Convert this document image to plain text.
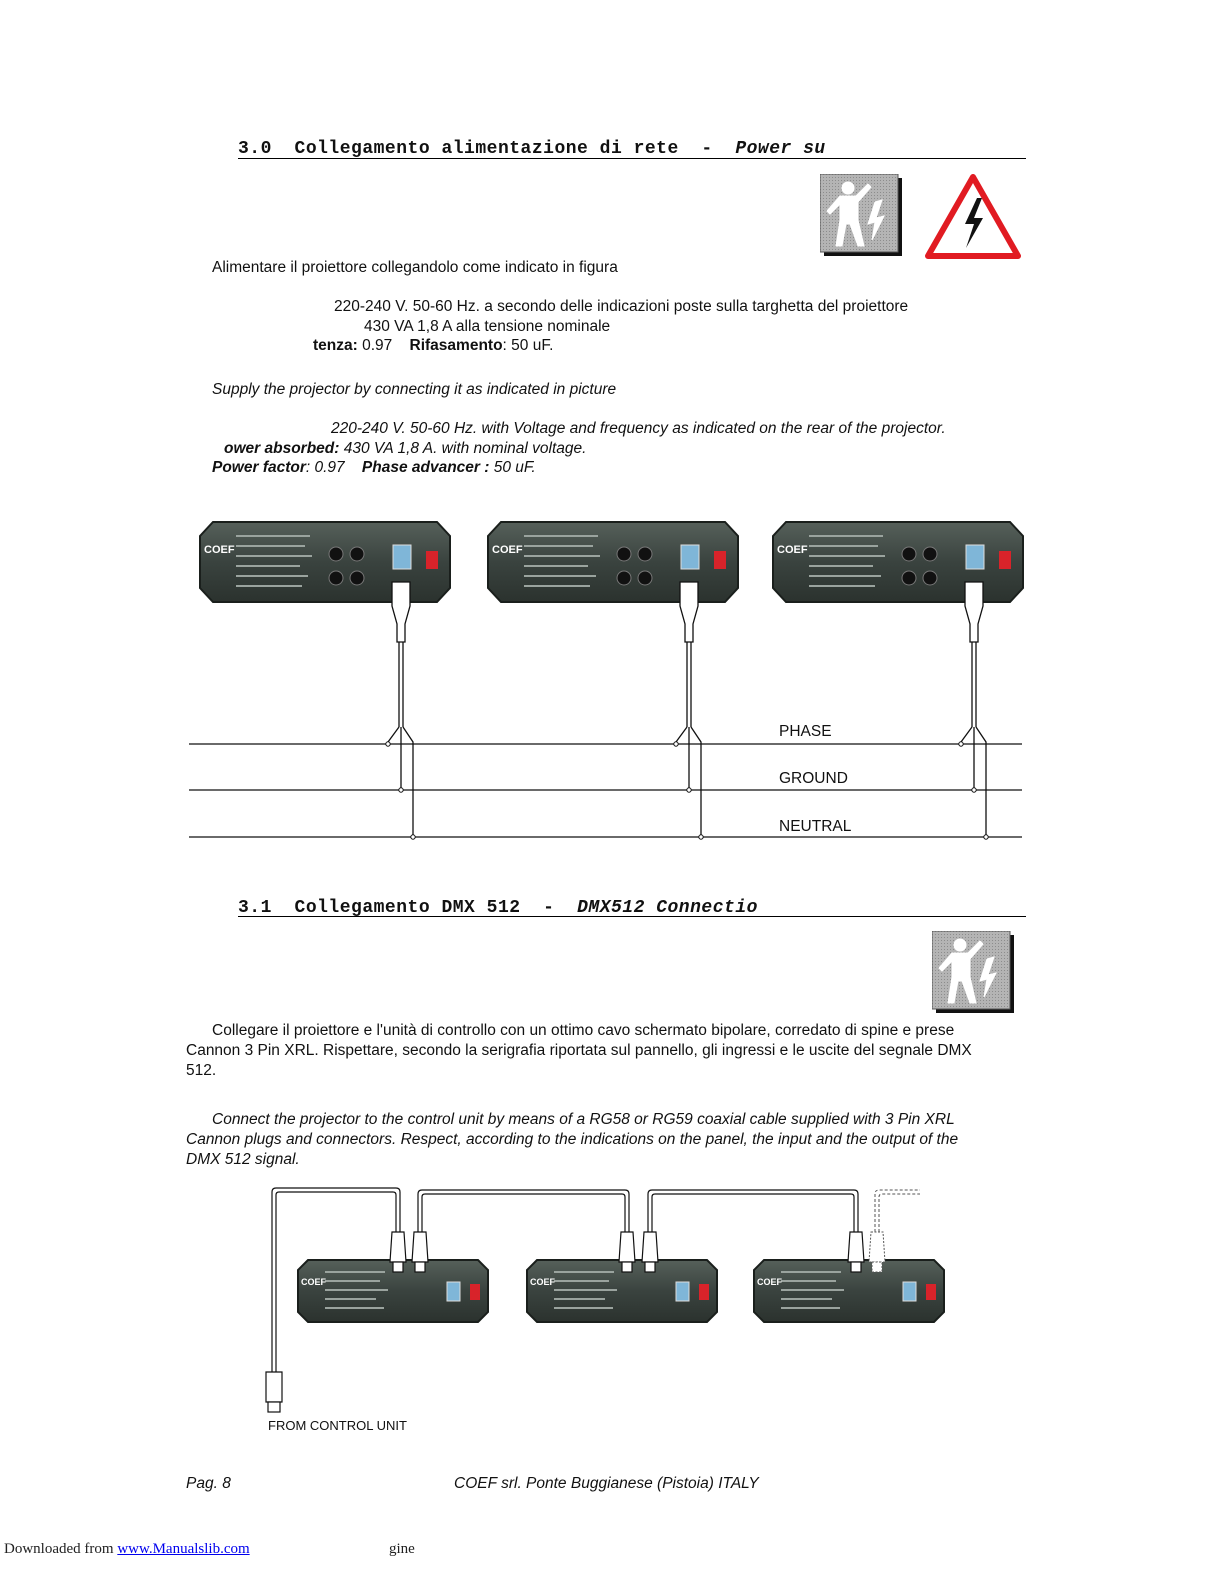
3.0 Collegamento alimentazione di rete - Power su
Alimentare il proiettore collegandolo come indicato in figura
220-240 V. 50-60 Hz. a secondo delle indicazioni poste sulla targhetta del proiettore
430 VA 1,8 A alla tensione nominale
tenza: 0.97 Rifasamento: 50 uF.
Supply the projector by connecting it as indicated in picture
220-240 V. 50-60 Hz. with Voltage and frequency as indicated on the rear of the projector.
ower absorbed: 430 VA 1,8 A. with nominal voltage.
Power factor: 0.97 Phase advancer : 50 uF.
COEF	COEF	COEF
PHASE
GROUND
NEUTRAL
3.1 Collegamento DMX 512 - DMX512 Connectio
Collegare il proiettore e l'unità di controllo con un ottimo cavo schermato bipolare, corredato di spine e prese
Cannon 3 Pin XRL. Rispettare, secondo la serigrafia riportata sul pannello, gli ingressi e le uscite del segnale DMX
512.
Connect the projector to the control unit by means of a RG58 or RG59 coaxial cable supplied with 3 Pin XRL
Cannon plugs and connectors. Respect, according to the indications on the panel, the input and the output of the
DMX 512 signal.
COEF	COEF	COEF
FROM CONTROL UNIT
Pag. 8	COEF srl. Ponte Buggianese (Pistoia) ITALY
Downloaded from www.Manualslib.com	gine
